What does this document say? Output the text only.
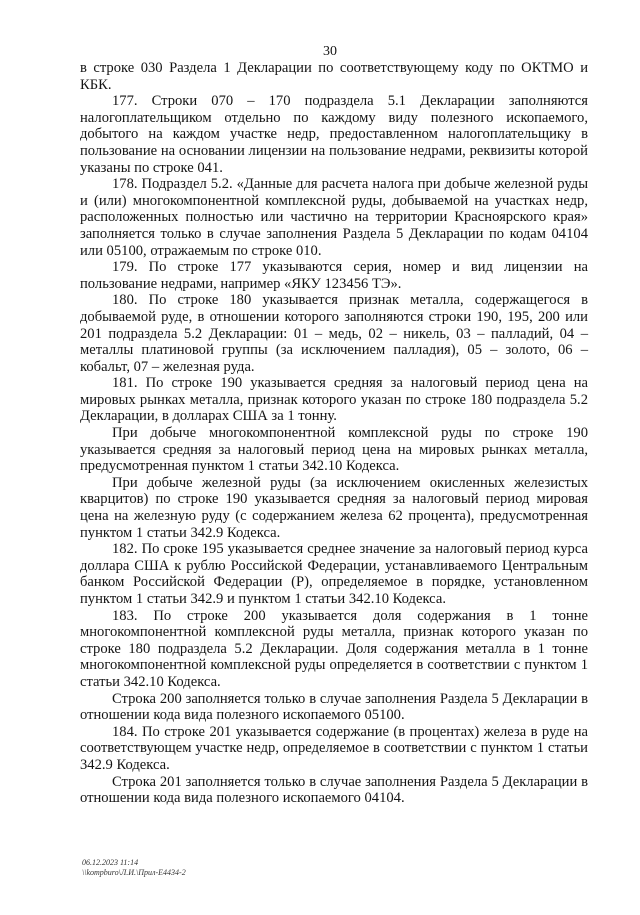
30

в строке 030 Раздела 1 Декларации по соответствующему коду по ОКТМО и КБК.

177. Строки 070 – 170 подраздела 5.1 Декларации заполняются налогоплательщиком отдельно по каждому виду полезного ископаемого, добытого на каждом участке недр, предоставленном налогоплательщику в пользование на основании лицензии на пользование недрами, реквизиты которой указаны по строке 041.

178. Подраздел 5.2. «Данные для расчета налога при добыче железной руды и (или) многокомпонентной комплексной руды, добываемой на участках недр, расположенных полностью или частично на территории Красноярского края» заполняется только в случае заполнения Раздела 5 Декларации по кодам 04104 или 05100, отражаемым по строке 010.

179. По строке 177 указываются серия, номер и вид лицензии на пользование недрами, например «ЯКУ 123456 ТЭ».

180. По строке 180 указывается признак металла, содержащегося в добываемой руде, в отношении которого заполняются строки 190, 195, 200 или 201 подраздела 5.2 Декларации: 01 – медь, 02 – никель, 03 – палладий, 04 – металлы платиновой группы (за исключением палладия), 05 – золото, 06 – кобальт, 07 – железная руда.

181. По строке 190 указывается средняя за налоговый период цена на мировых рынках металла, признак которого указан по строке 180 подраздела 5.2 Декларации, в долларах США за 1 тонну.

При добыче многокомпонентной комплексной руды по строке 190 указывается средняя за налоговый период цена на мировых рынках металла, предусмотренная пунктом 1 статьи 342.10 Кодекса.

При добыче железной руды (за исключением окисленных железистых кварцитов) по строке 190 указывается средняя за налоговый период мировая цена на железную руду (с содержанием железа 62 процента), предусмотренная пунктом 1 статьи 342.9 Кодекса.

182. По сроке 195 указывается среднее значение за налоговый период курса доллара США к рублю Российской Федерации, устанавливаемого Центральным банком Российской Федерации (Р), определяемое в порядке, установленном пунктом 1 статьи 342.9 и пунктом 1 статьи 342.10 Кодекса.

183. По строке 200 указывается доля содержания в 1 тонне многокомпонентной комплексной руды металла, признак которого указан по строке 180 подраздела 5.2 Декларации. Доля содержания металла в 1 тонне многокомпонентной комплексной руды определяется в соответствии с пунктом 1 статьи 342.10 Кодекса.

Строка 200 заполняется только в случае заполнения Раздела 5 Декларации в отношении кода вида полезного ископаемого 05100.

184. По строке 201 указывается содержание (в процентах) железа в руде на соответствующем участке недр, определяемое в соответствии с пунктом 1 статьи 342.9 Кодекса.

Строка 201 заполняется только в случае заполнения Раздела 5 Декларации в отношении кода вида полезного ископаемого 04104.

06.12.2023 11:14
\\kompburo\Л.И.\Прил-Е4434-2
